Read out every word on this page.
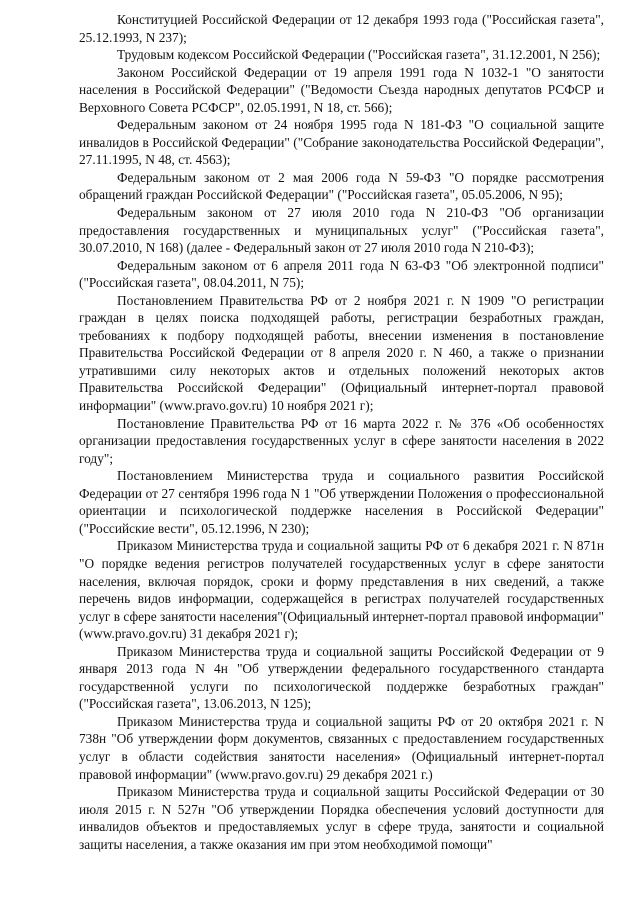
Конституцией Российской Федерации от 12 декабря 1993 года ("Российская газета", 25.12.1993, N 237);

Трудовым кодексом Российской Федерации ("Российская газета", 31.12.2001, N 256);

Законом Российской Федерации от 19 апреля 1991 года N 1032-1 "О занятости населения в Российской Федерации" ("Ведомости Съезда народных депутатов РСФСР и Верховного Совета РСФСР", 02.05.1991, N 18, ст. 566);

Федеральным законом от 24 ноября 1995 года N 181-ФЗ "О социальной защите инвалидов в Российской Федерации" ("Собрание законодательства Российской Федерации", 27.11.1995, N 48, ст. 4563);

Федеральным законом от 2 мая 2006 года N 59-ФЗ "О порядке рассмотрения обращений граждан Российской Федерации" ("Российская газета", 05.05.2006, N 95);

Федеральным законом от 27 июля 2010 года N 210-ФЗ "Об организации предоставления государственных и муниципальных услуг" ("Российская газета", 30.07.2010, N 168) (далее - Федеральный закон от 27 июля 2010 года N 210-ФЗ);

Федеральным законом от 6 апреля 2011 года N 63-ФЗ "Об электронной подписи" ("Российская газета", 08.04.2011, N 75);

Постановлением Правительства РФ от 2 ноября 2021 г. N 1909 "О регистрации граждан в целях поиска подходящей работы, регистрации безработных граждан, требованиях к подбору подходящей работы, внесении изменения в постановление Правительства Российской Федерации от 8 апреля 2020 г. N 460, а также о признании утратившими силу некоторых актов и отдельных положений некоторых актов Правительства Российской Федерации" (Официальный интернет-портал правовой информации" (www.pravo.gov.ru) 10 ноября 2021 г);

Постановление Правительства РФ от 16 марта 2022 г. № 376 «Об особенностях организации предоставления государственных услуг в сфере занятости населения в 2022 году";

Постановлением Министерства труда и социального развития Российской Федерации от 27 сентября 1996 года N 1 "Об утверждении Положения о профессиональной ориентации и психологической поддержке населения в Российской Федерации" ("Российские вести", 05.12.1996, N 230);

Приказом Министерства труда и социальной защиты РФ от 6 декабря 2021 г. N 871н "О порядке ведения регистров получателей государственных услуг в сфере занятости населения, включая порядок, сроки и форму представления в них сведений, а также перечень видов информации, содержащейся в регистрах получателей государственных услуг в сфере занятости населения"(Официальный интернет-портал правовой информации" (www.pravo.gov.ru) 31 декабря 2021 г);

Приказом Министерства труда и социальной защиты Российской Федерации от 9 января 2013 года N 4н "Об утверждении федерального государственного стандарта государственной услуги по психологической поддержке безработных граждан" ("Российская газета", 13.06.2013, N 125);

Приказом Министерства труда и социальной защиты РФ от 20 октября 2021 г. N 738н "Об утверждении форм документов, связанных с предоставлением государственных услуг в области содействия занятости населения» (Официальный интернет-портал правовой информации" (www.pravo.gov.ru) 29 декабря 2021 г.)

Приказом Министерства труда и социальной защиты Российской Федерации от 30 июля 2015 г. N 527н "Об утверждении Порядка обеспечения условий доступности для инвалидов объектов и предоставляемых услуг в сфере труда, занятости и социальной защиты населения, а также оказания им при этом необходимой помощи"
